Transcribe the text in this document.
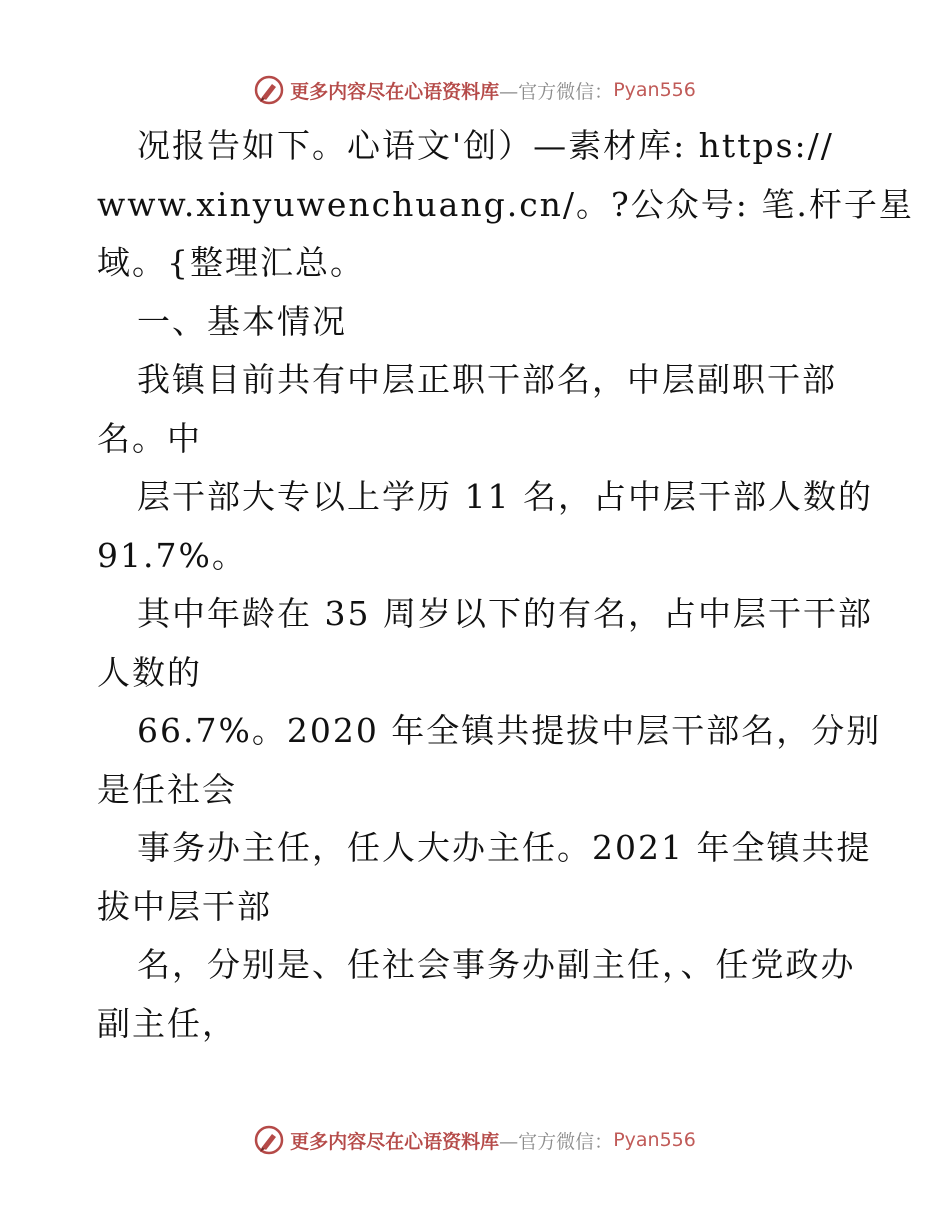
更多内容尽在心语资料库 —官方微信： Pyan556
况报告如下。心语文'创）—素材库: https://
www.xinyuwenchuang.cn/。?公众号: 笔.杆子星
域。{整理汇总。
一、基本情况
我镇目前共有中层正职干部名，中层副职干部
名。中
层干部大专以上学历 11 名，占中层干部人数的
91.7%。
其中年龄在 35 周岁以下的有名，占中层干干部
人数的
66.7%。2020 年全镇共提拔中层干部名，分别
是任社会
事务办主任，任人大办主任。2021 年全镇共提
拔中层干部
名，分别是、任社会事务办副主任，、任党政办
副主任，
更多内容尽在心语资料库 —官方微信： Pyan556
